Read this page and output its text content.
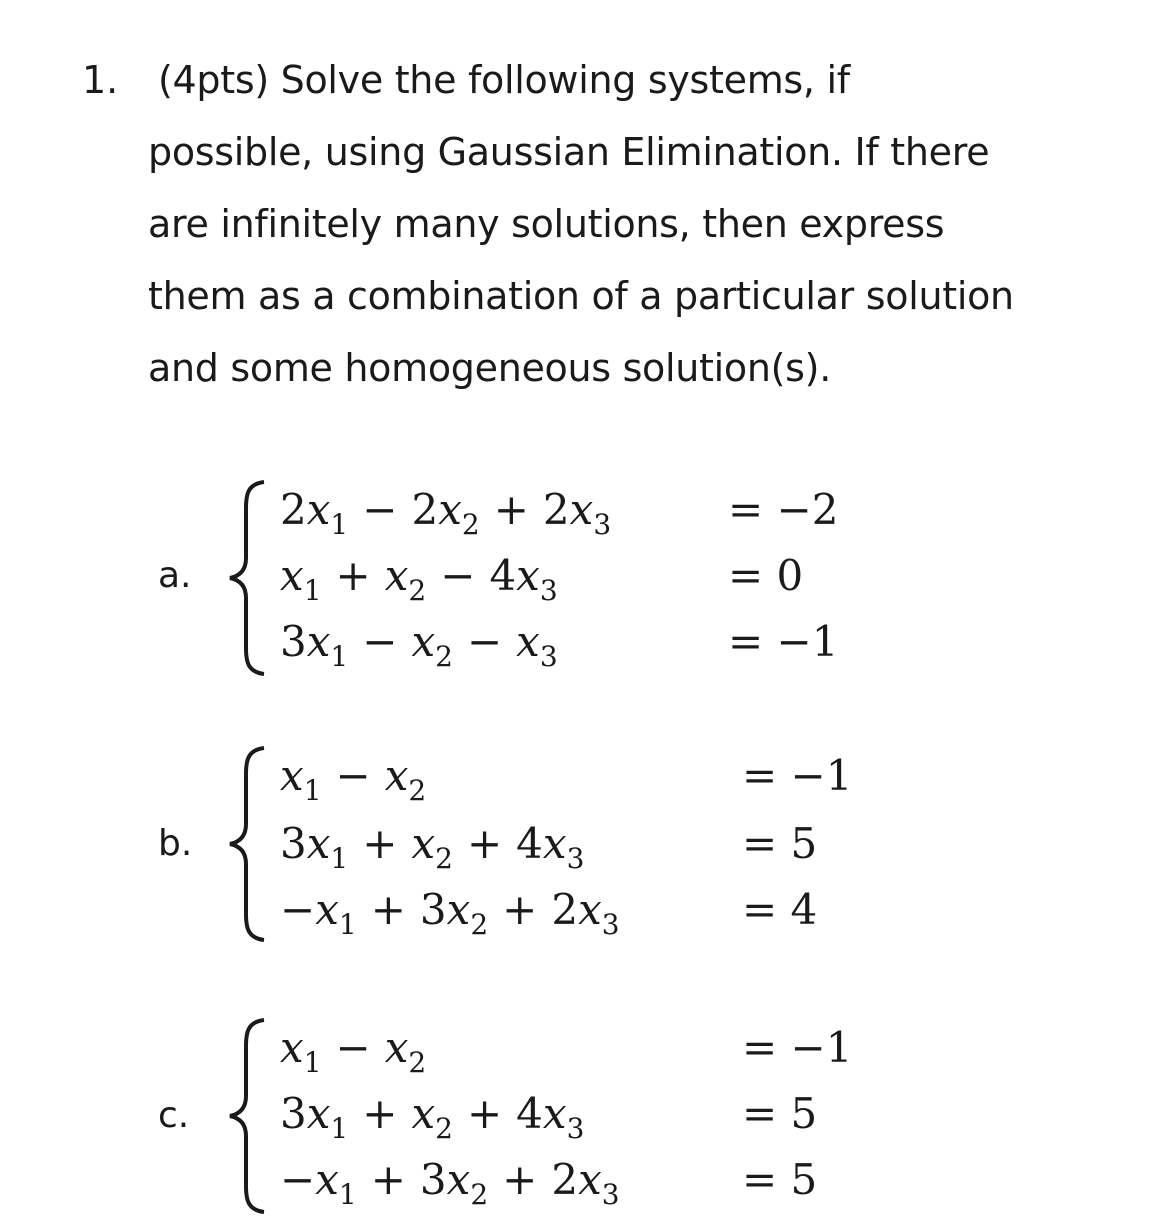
1. (4pts) Solve the following systems, if
possible, using Gaussian Elimination. If there
are infinitely many solutions, then express
them as a combination of a particular solution
and some homogeneous solution(s).
a.
$2x_1 - 2x_2 + 2x_3$	= −2
$x_1 + x_2 - 4x_3$	= 0
$3x_1 - x_2 - x_3$	= −1
b.
$x_1 - x_2$	= −1
$3x_1 + x_2 + 4x_3$	= 5
$-x_1 + 3x_2 + 2x_3$	= 4
c.
$x_1 - x_2$	= −1
$3x_1 + x_2 + 4x_3$	= 5
$-x_1 + 3x_2 + 2x_3$	= 5
